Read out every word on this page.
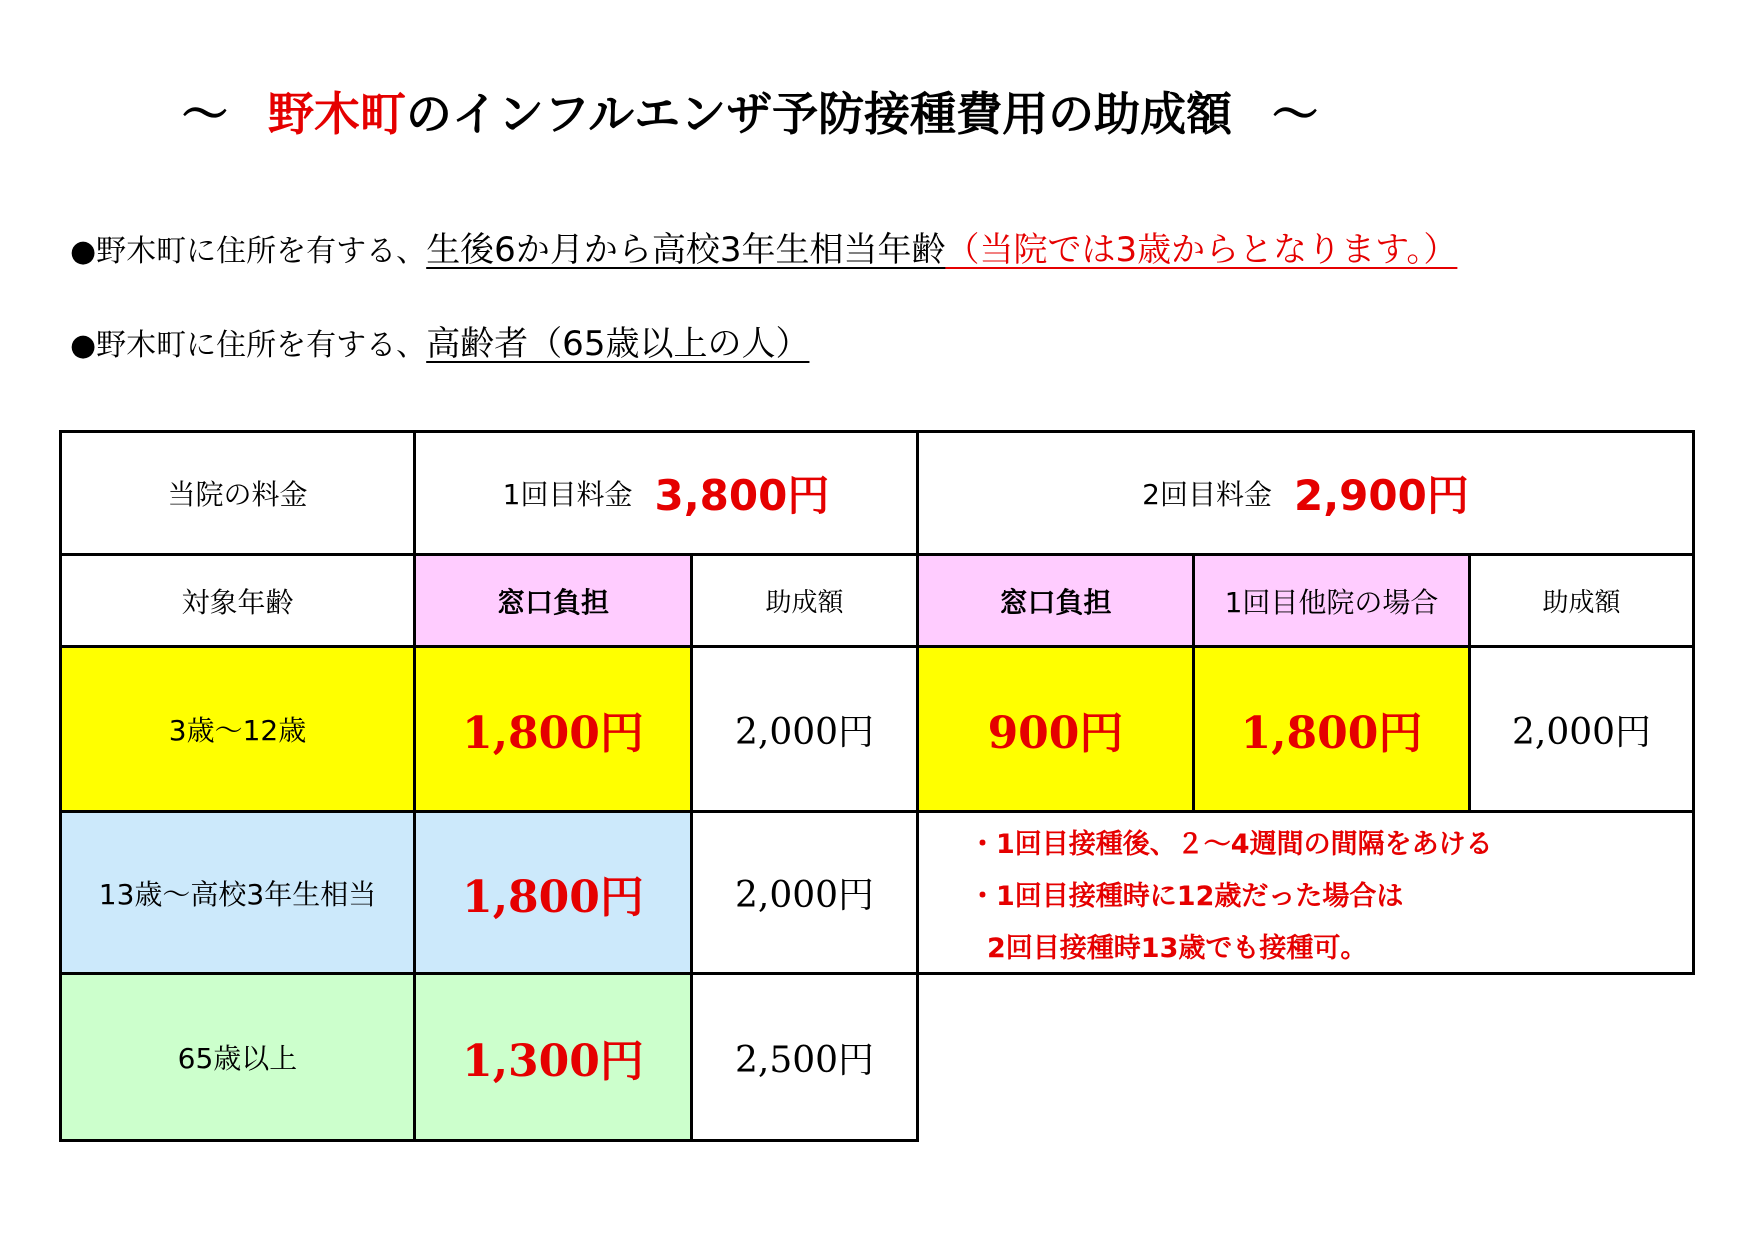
～ 野木町のインフルエンザ予防接種費用の助成額 ～
●野木町に住所を有する、生後6か月から高校3年生相当年齢（当院では3歳からとなります。）
●野木町に住所を有する、高齢者（65歳以上の人）
当院の料金	1回目料金 3,800円	2回目料金 2,900円
対象年齢	窓口負担	助成額	窓口負担	1回目他院の場合	助成額
3歳～12歳	1,800円	2,000円	900円	1,800円 2,000円
13歳～高校3年生相当 1,800円	2,000円
・1回目接種後、２～4週間の間隔をあける
・1回目接種時に12歳だった場合は
2回目接種時13歳でも接種可。
65歳以上	1,300円	2,500円
